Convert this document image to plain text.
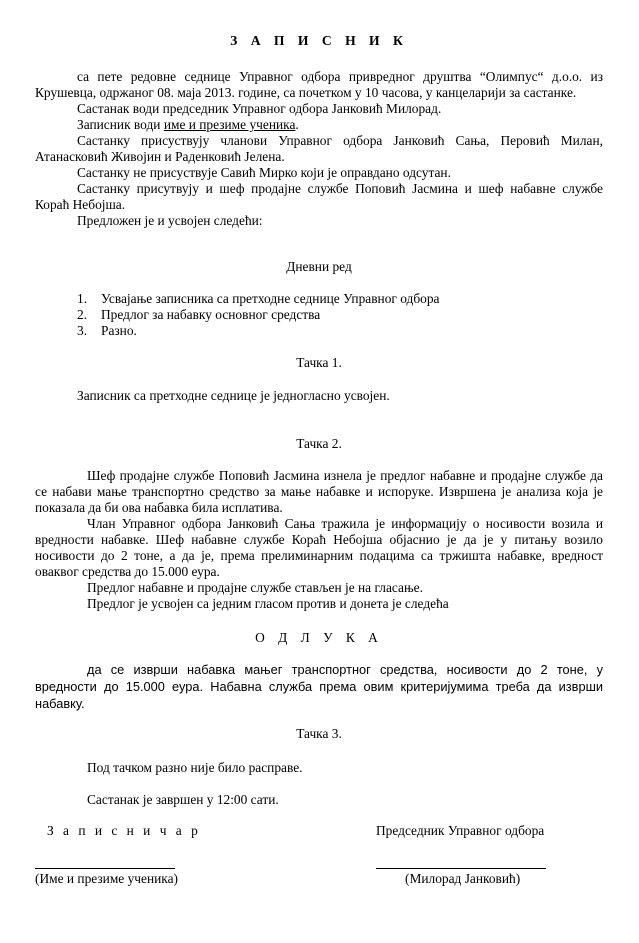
З А П И С Н И К

са пете редовне седнице Управног одбора привредног друштва “Олимпус“ д.о.о. из Крушевца, одржаног 08. маја 2013. године, са почетком у 10 часова, у канцеларији за састанке.

Састанак води председник Управног одбора Јанковић Милорад.

Записник води име и презиме ученика.

Састанку присуствују чланови Управног одбора Јанковић Сања, Перовић Милан, Атанасковић Живојин и Раденковић Јелена.

Састанку не присуствује Савић Мирко који је оправдано одсутан.

Састанку присутвују и шеф продајне службе Поповић Јасмина и шеф набавне службе Кораћ Небојша.

Предложен је и усвојен следећи:

Дневни ред
1. Усвајање записника са претходне седнице Управног одбора
2. Предлог за набавку основног средства
3. Разно.
Тачка 1.

Записник са претходне седнице је једногласно усвојен.

Тачка 2.

Шеф продајне службе Поповић Јасмина изнела је предлог набавне и продајне службе да се набави мање транспортно средство за мање набавке и испоруке. Извршена је анализа која је показала да би ова набавка била исплатива.

Члан Управног одбора Јанковић Сања тражила је информацију о носивости возила и вредности набавке. Шеф набавне службе Кораћ Небојша објаснио је да је у питању возило носивости до 2 тоне, а да је, према прелиминарним подацима са тржишта набавке, вредност оваквог средства до 15.000 еура.

Предлог набавне и продајне службе стављен је на гласање.

Предлог је усвојен са једним гласом против и донета је следећа

О Д Л У К А

да се изврши набавка мањег транспортног средства, носивости до 2 тоне, у вредности до 15.000 еура. Набавна служба према овим критеријумима треба да изврши набавку.

Тачка 3.

Под тачком разно није било расправе.

Састанак је завршен у 12:00 сати.

З а п и с н и ч а р	Председник Управног одбора
(Име и презиме ученика)	(Милорад Јанковић)
